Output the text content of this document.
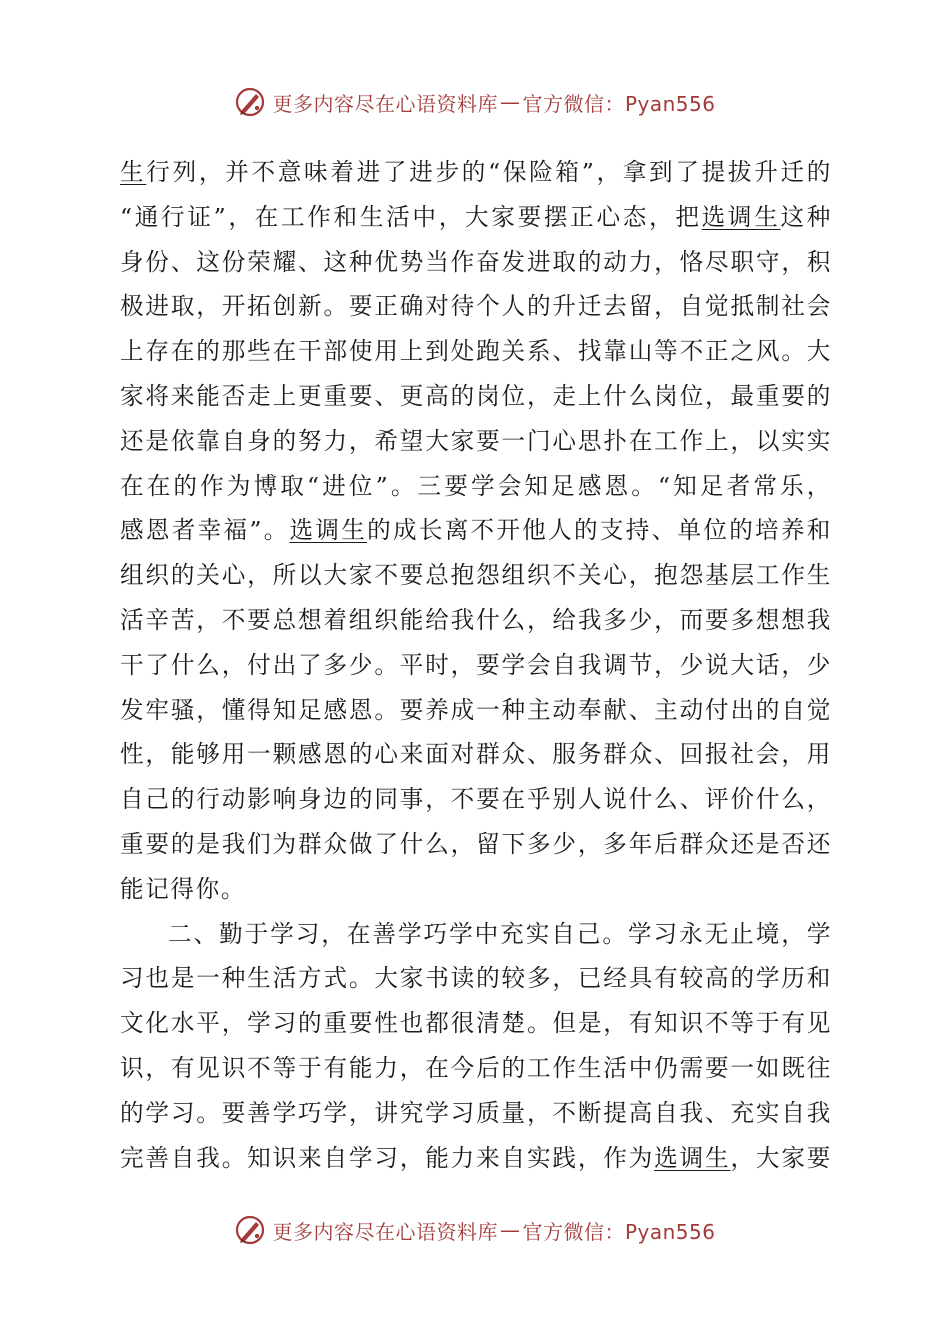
更多内容尽在心语资料库 — 官方微信：Pyan556
生行列，并不意味着进了进步的“保险箱”，拿到了提拔升迁的
“通行证”，在工作和生活中，大家要摆正心态，把选调生这种
身份、这份荣耀、这种优势当作奋发进取的动力，恪尽职守，积
极进取，开拓创新。要正确对待个人的升迁去留，自觉抵制社会
上存在的那些在干部使用上到处跑关系、找靠山等不正之风。大
家将来能否走上更重要、更高的岗位，走上什么岗位，最重要的
还是依靠自身的努力，希望大家要一门心思扑在工作上，以实实
在在的作为博取“进位”。三要学会知足感恩。“知足者常乐，
感恩者幸福”。选调生的成长离不开他人的支持、单位的培养和
组织的关心，所以大家不要总抱怨组织不关心，抱怨基层工作生
活辛苦，不要总想着组织能给我什么，给我多少，而要多想想我
干了什么，付出了多少。平时，要学会自我调节，少说大话，少
发牢骚，懂得知足感恩。要养成一种主动奉献、主动付出的自觉
性，能够用一颗感恩的心来面对群众、服务群众、回报社会，用
自己的行动影响身边的同事，不要在乎别人说什么、评价什么，
重要的是我们为群众做了什么，留下多少，多年后群众还是否还
能记得你。
二、勤于学习，在善学巧学中充实自己。学习永无止境，学
习也是一种生活方式。大家书读的较多，已经具有较高的学历和
文化水平，学习的重要性也都很清楚。但是，有知识不等于有见
识，有见识不等于有能力，在今后的工作生活中仍需要一如既往
的学习。要善学巧学，讲究学习质量，不断提高自我、充实自我
完善自我。知识来自学习，能力来自实践，作为选调生，大家要
更多内容尽在心语资料库 — 官方微信：Pyan556
